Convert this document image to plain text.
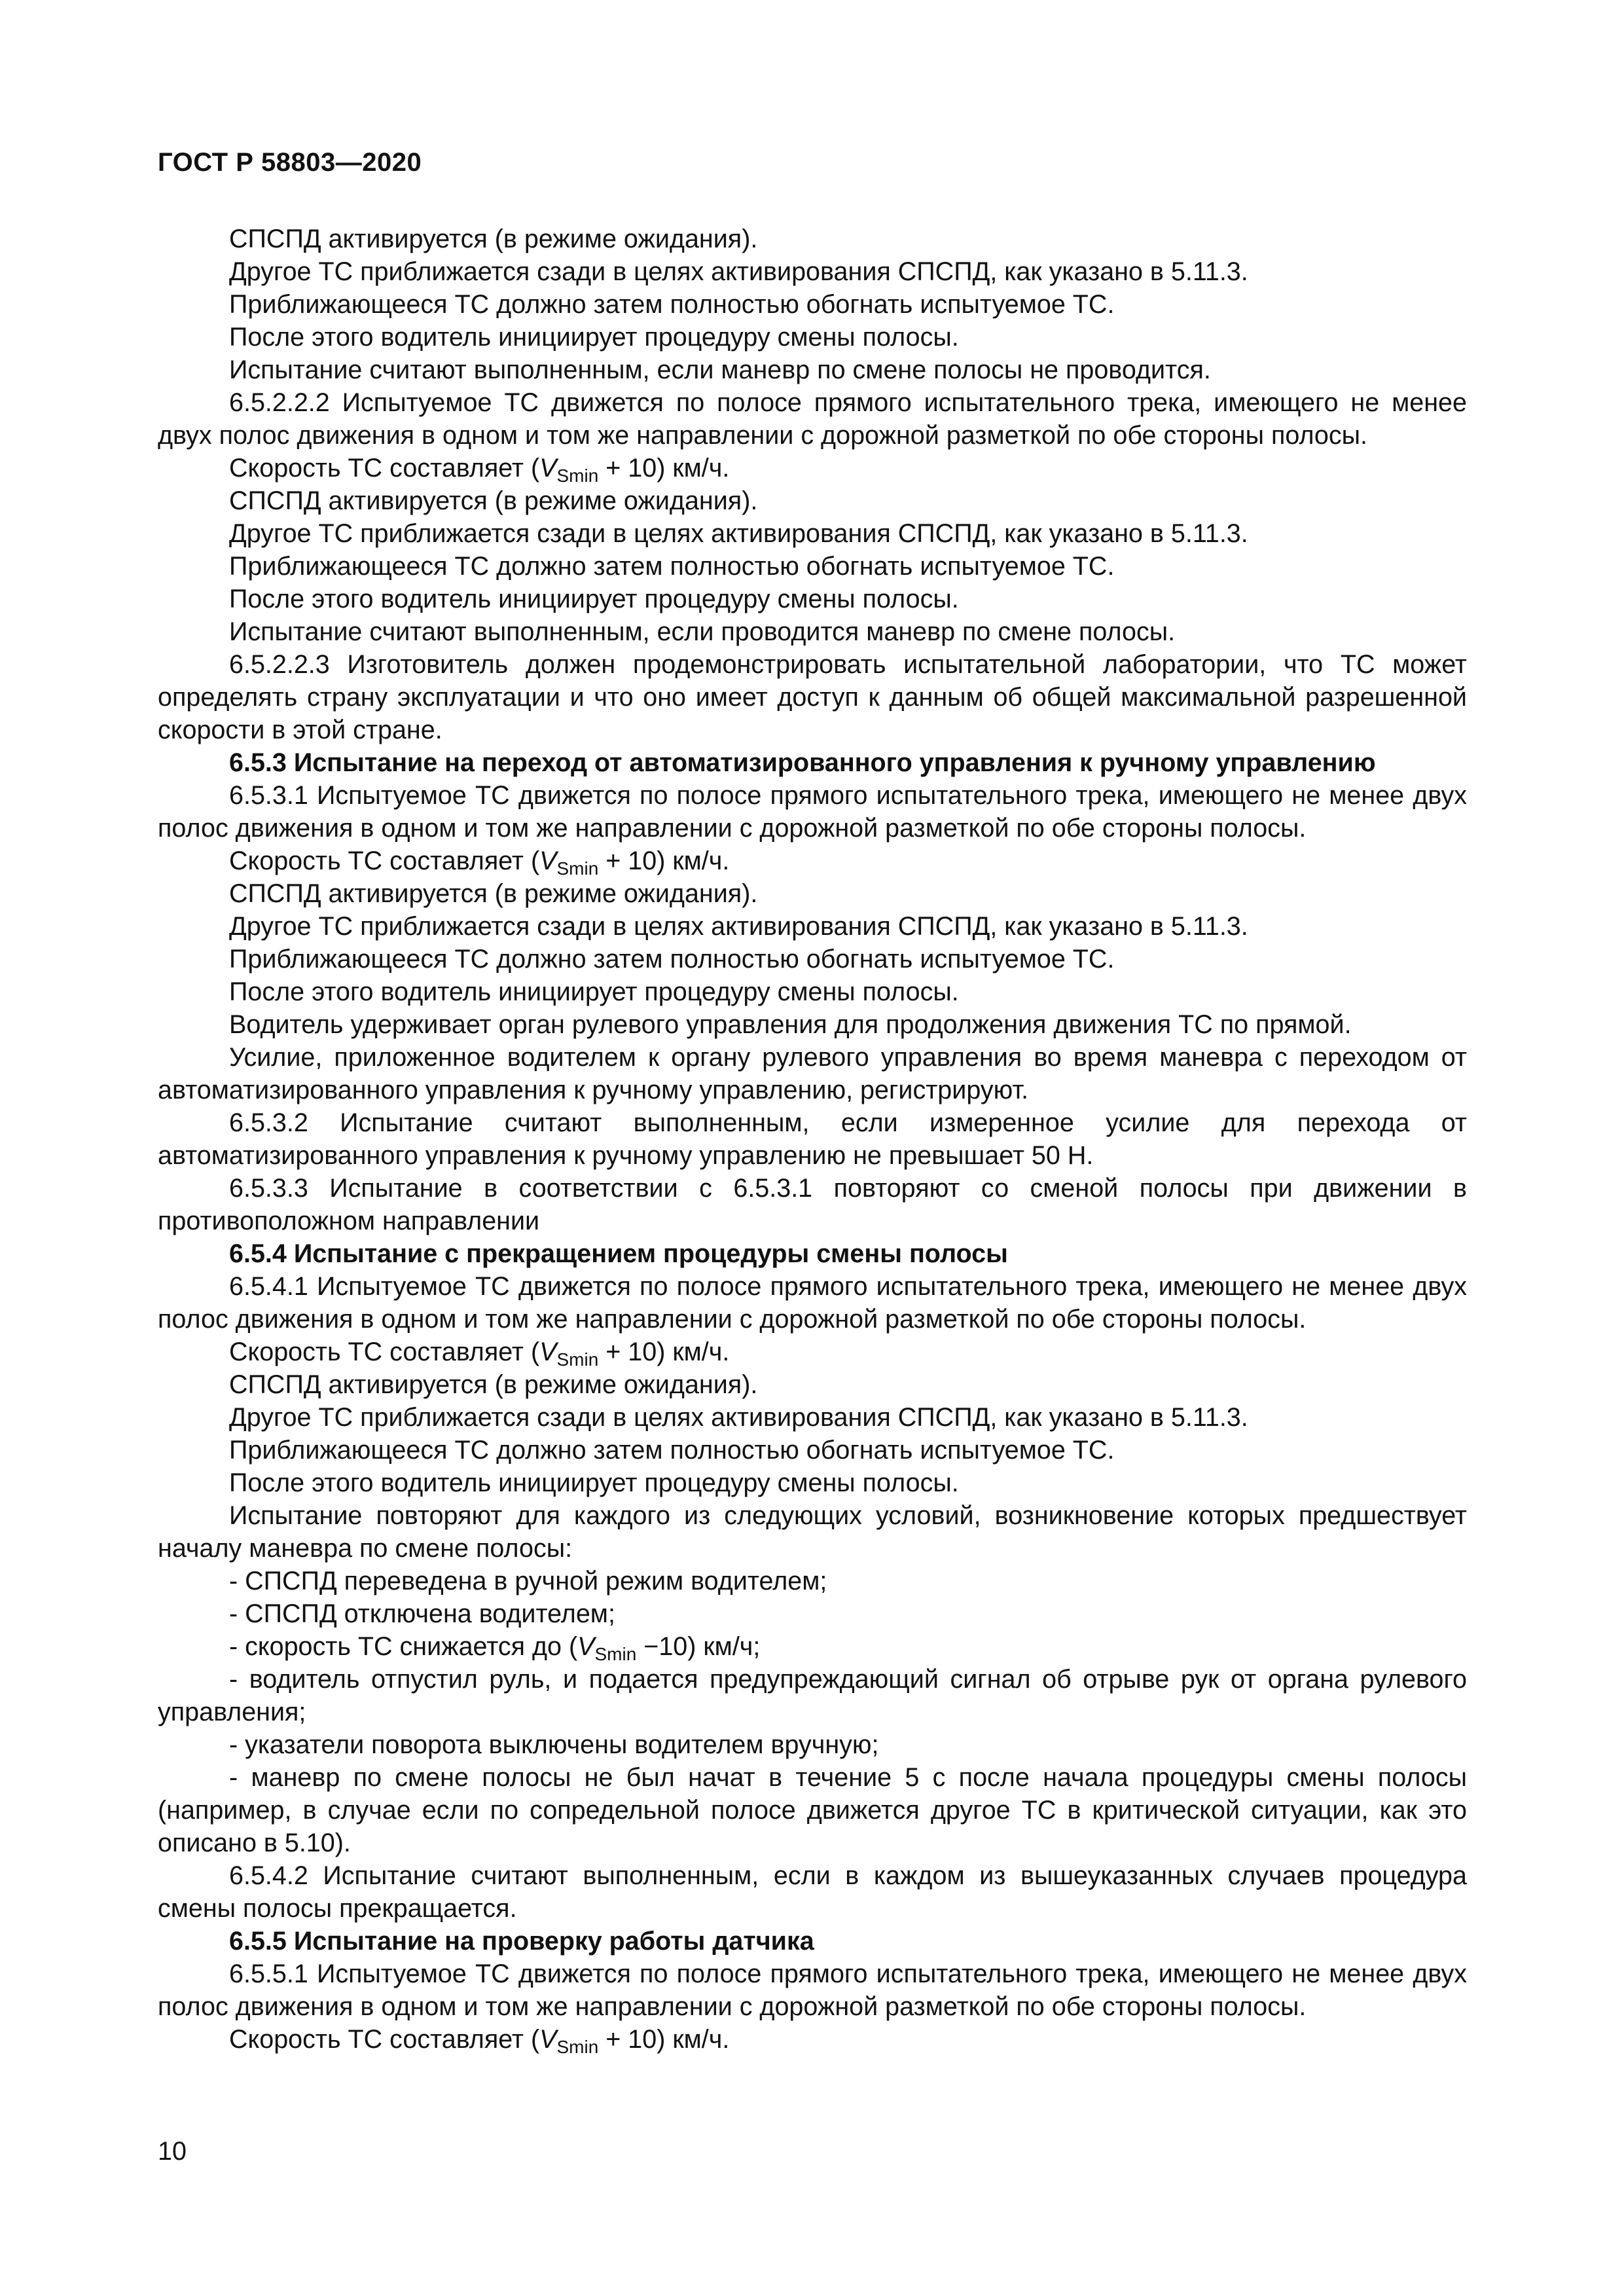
ГОСТ Р 58803—2020

СПСПД активируется (в режиме ожидания).

Другое ТС приближается сзади в целях активирования СПСПД, как указано в 5.11.3.

Приближающееся ТС должно затем полностью обогнать испытуемое ТС.

После этого водитель инициирует процедуру смены полосы.

Испытание считают выполненным, если маневр по смене полосы не проводится.

6.5.2.2.2 Испытуемое ТС движется по полосе прямого испытательного трека, имеющего не менее двух полос движения в одном и том же направлении с дорожной разметкой по обе стороны полосы.

Скорость ТС составляет $(V_{Smin} + 10)$ км/ч.

СПСПД активируется (в режиме ожидания).

Другое ТС приближается сзади в целях активирования СПСПД, как указано в 5.11.3.

Приближающееся ТС должно затем полностью обогнать испытуемое ТС.

После этого водитель инициирует процедуру смены полосы.

Испытание считают выполненным, если проводится маневр по смене полосы.

6.5.2.2.3 Изготовитель должен продемонстрировать испытательной лаборатории, что ТС может определять страну эксплуатации и что оно имеет доступ к данным об общей максимальной разрешенной скорости в этой стране.

6.5.3 Испытание на переход от автоматизированного управления к ручному управлению

6.5.3.1 Испытуемое ТС движется по полосе прямого испытательного трека, имеющего не менее двух полос движения в одном и том же направлении с дорожной разметкой по обе стороны полосы.

Скорость ТС составляет $(V_{Smin} + 10)$ км/ч.

СПСПД активируется (в режиме ожидания).

Другое ТС приближается сзади в целях активирования СПСПД, как указано в 5.11.3.

Приближающееся ТС должно затем полностью обогнать испытуемое ТС.

После этого водитель инициирует процедуру смены полосы.

Водитель удерживает орган рулевого управления для продолжения движения ТС по прямой.

Усилие, приложенное водителем к органу рулевого управления во время маневра с переходом от автоматизированного управления к ручному управлению, регистрируют.

6.5.3.2 Испытание считают выполненным, если измеренное усилие для перехода от автоматизированного управления к ручному управлению не превышает 50 Н.

6.5.3.3 Испытание в соответствии с 6.5.3.1 повторяют со сменой полосы при движении в противоположном направлении

6.5.4 Испытание с прекращением процедуры смены полосы

6.5.4.1 Испытуемое ТС движется по полосе прямого испытательного трека, имеющего не менее двух полос движения в одном и том же направлении с дорожной разметкой по обе стороны полосы.

Скорость ТС составляет $(V_{Smin} + 10)$ км/ч.

СПСПД активируется (в режиме ожидания).

Другое ТС приближается сзади в целях активирования СПСПД, как указано в 5.11.3.

Приближающееся ТС должно затем полностью обогнать испытуемое ТС.

После этого водитель инициирует процедуру смены полосы.

Испытание повторяют для каждого из следующих условий, возникновение которых предшествует началу маневра по смене полосы:

- СПСПД переведена в ручной режим водителем;

- СПСПД отключена водителем;

- скорость ТС снижается до $(V_{Smin} -10)$ км/ч;

- водитель отпустил руль, и подается предупреждающий сигнал об отрыве рук от органа рулевого управления;

- указатели поворота выключены водителем вручную;

- маневр по смене полосы не был начат в течение 5 с после начала процедуры смены полосы (например, в случае если по сопредельной полосе движется другое ТС в критической ситуации, как это описано в 5.10).

6.5.4.2 Испытание считают выполненным, если в каждом из вышеуказанных случаев процедура смены полосы прекращается.

6.5.5 Испытание на проверку работы датчика

6.5.5.1 Испытуемое ТС движется по полосе прямого испытательного трека, имеющего не менее двух полос движения в одном и том же направлении с дорожной разметкой по обе стороны полосы.

Скорость ТС составляет $(V_{Smin} + 10)$ км/ч.

10
